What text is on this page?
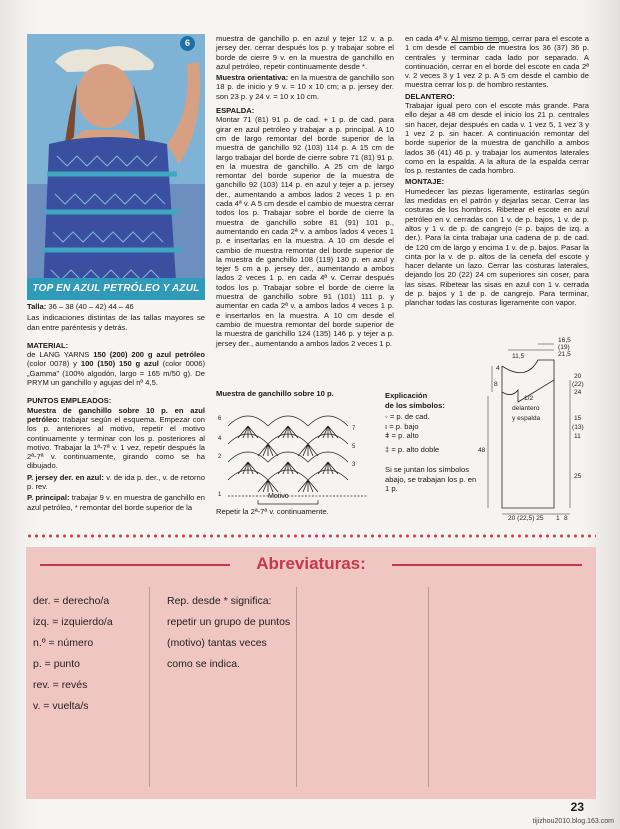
6
TOP EN AZUL PETRÓLEO Y AZUL

Talla: 36 – 38 (40 – 42) 44 – 46

Las indicaciones distintas de las tallas mayores se dan entre paréntesis y detrás.

MATERIAL:

de LANG YARNS 150 (200) 200 g azul petróleo (color 0078) y 100 (150) 150 g azul (color 0006) „Gamma” (100% algodón, largo = 165 m/50 g). De PRYM un ganchillo y agujas del nº 4,5.

PUNTOS EMPLEADOS:

Muestra de ganchillo sobre 10 p. en azul petróleo: trabajar según el esquema. Empezar con los p. anteriores al motivo, repetir el motivo continuamente y terminar con los p. posteriores al motivo. Trabajar la 1ª-7ª v. 1 vez, repetir después la 2ª-7ª v. continuamente, girando como se ha dibujado.

P. jersey der. en azul: v. de ida p. der., v. de retorno p. rev.

P. principal: trabajar 9 v. en muestra de ganchillo en azul petróleo, * remontar del borde superior de la

muestra de ganchillo p. en azul y tejer 12 v. a p. jersey der. cerrar después los p. y trabajar sobre el borde de cierre 9 v. en la muestra de ganchillo en azul petróleo, repetir continuamente desde *.

Muestra orientativa: en la muestra de ganchillo son 18 p. de inicio y 9 v. = 10 x 10 cm; a p. jersey der. son 23 p. y 24 v. = 10 x 10 cm.

ESPALDA:

Montar 71 (81) 91 p. de cad. + 1 p. de cad. para girar en azul petróleo y trabajar a p. principal. A 10 cm de largo remontar del borde superior de la muestra de ganchillo 92 (103) 114 p. A 15 cm de largo trabajar del borde de cierre sobre 71 (81) 91 p. en la muestra de ganchillo. A 25 cm de largo remontar del borde superior de la muestra de ganchillo 92 (103) 114 p. en azul y tejer a p. jersey der., aumentando a ambos lados 2 veces 1 p. en cada 4ª v. A 5 cm desde el cambio de muestra cerrar todos los p. Trabajar sobre el borde de cierre la muestra de ganchillo sobre 81 (91) 101 p., aumentando en cada 2ª v. a ambos lados 4 veces 1 p. e insertarlas en la muestra. A 10 cm desde el cambio de muestra remontar del borde superior de la muestra de ganchillo 108 (119) 130 p. en azul y tejer 5 cm a p. jersey der., aumentando a ambos lados 2 veces 1 p. en cada 4ª v. Cerrar después todos los p. Trabajar sobre el borde de cierre la muestra de ganchillo sobre 91 (101) 111 p. y aumentar en cada 2ª v. a ambos lados 4 veces 1 p. e insertarlos en la muestra. A 10 cm desde el cambio de muestra remontar del borde superior de la muestra de ganchillo 124 (135) 146 p. y tejer a p. jersey der., aumentando a ambos lados 2 veces 1 p.

Muestra de ganchillo sobre 10 p.
6
4
2
1
7
5
3
Motivo
Repetir la 2ª-7ª v. continuamente.

en cada 4ª v. Al mismo tiempo, cerrar para el escote a 1 cm desde el cambio de muestra los 36 (37) 36 p. centrales y terminar cada lado por separado. A continuación, cerrar en el borde del escote en cada 2ª v. 2 veces 3 y 1 vez 2 p. A 5 cm desde el cambio de muestra cerrar los p. de hombro restantes.

DELANTERO:

Trabajar igual pero con el escote más grande. Para ello dejar a 48 cm desde el inicio los 21 p. centrales sin hacer, dejar después en cada v. 1 vez 5, 1 vez 3 y 1 vez 2 p. sin hacer. A continuación remontar del borde superior de la muestra de ganchillo a ambos lados 36 (41) 46 p. y trabajar los aumentos laterales como en la espalda. A la altura de la espalda cerrar los p. restantes de cada hombro.

MONTAJE:

Humedecer las piezas ligeramente, estirarlas según las medidas en el patrón y dejarlas secar. Cerrar las costuras de los hombros. Ribetear el escote en azul petróleo en v. cerradas con 1 v. de p. bajos, 1 v. de p. altos y 1 v. de p. de cangrejo (= p. bajos de izq. a der.). Para la cinta trabajar una cadena de p. de cad. de 120 cm de largo y encima 1 v. de p. bajos. Pasar la cinta por la v. de p. altos de la cenefa del escote y hacer delante un lazo. Cerrar las costuras laterales, dejando los 20 (22) 24 cm superiores sin coser, para las sisas. Ribetear las sisas en azul con 1 v. cerrada de p. bajos y 1 de p. de cangrejo. Para terminar, planchar todas las costuras ligeramente con vapor.

Explicación
de los símbolos:
◦ = p. de cad.
ı = p. bajo
ǂ = p. alto
‡ = p. alto doble
Si se juntan los símbolos abajo, se trabajan los p. en 1 p.
16,5
(19)
21,5
11,5
4
8
1/2
delantero
y espalda
20
(22)
24
15
(13)
11
25
48
20 (22,5) 25 1 8
Abreviaturas:
der. = derecho/a
izq. = izquierdo/a
n.º = número
p. = punto
rev. = revés
v. = vuelta/s
Rep. desde * significa:
repetir un grupo de puntos
(motivo) tantas veces
como se indica.
23
tijizhou2010.blog.163.com
